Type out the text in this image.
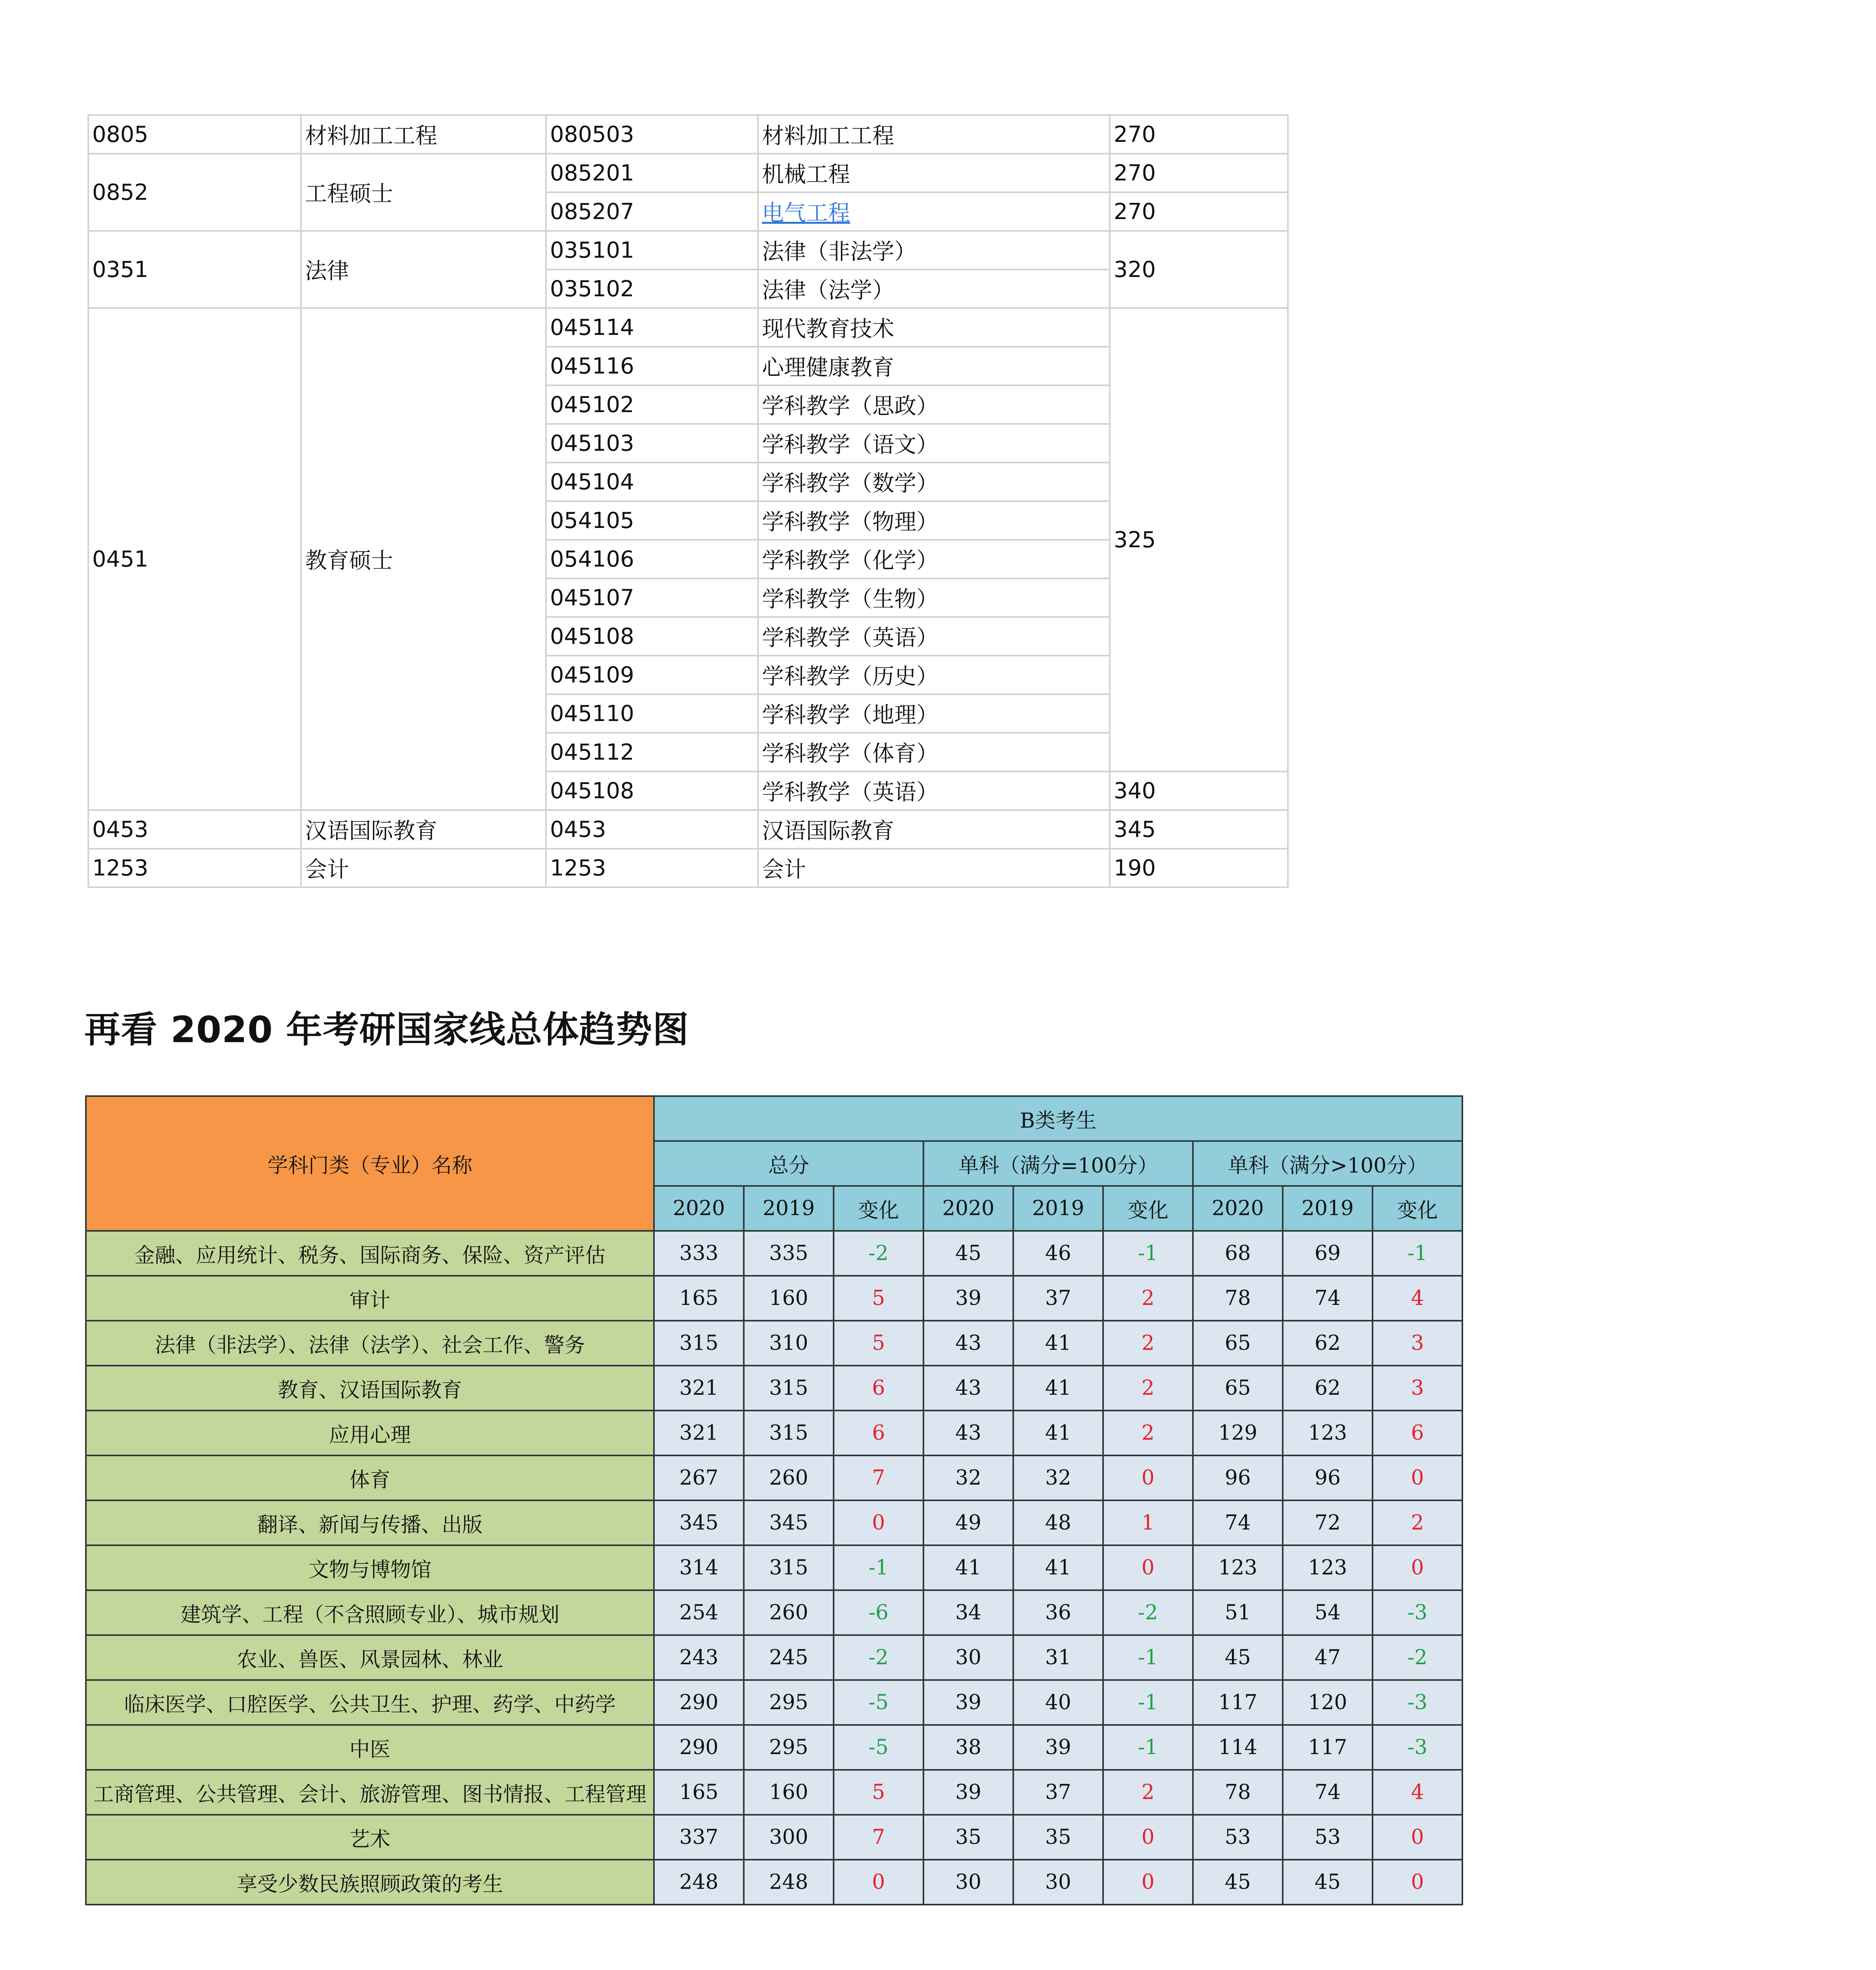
0805	材料加工工程	080503	材料加工工程	270
0852	工程硕士	085201	机械工程	270
		085207	电气工程	270
0351	法律	035101	法律（非法学）	320
		035102	法律（法学）	
0451	教育硕士	045114	现代教育技术	325
		045116	心理健康教育	
		045102	学科教学（思政）	
		045103	学科教学（语文）	
		045104	学科教学（数学）	
		054105	学科教学（物理）	
		054106	学科教学（化学）	
		045107	学科教学（生物）	
		045108	学科教学（英语）	
		045109	学科教学（历史）	
		045110	学科教学（地理）	
		045112	学科教学（体育）	
		045108	学科教学（英语）	340
0453	汉语国际教育	0453	汉语国际教育	345
1253	会计	1253	会计	190
再看 2020 年考研国家线总体趋势图
学科门类（专业）名称	B类考生								
	总分			单科（满分=100分）			单科（满分>100分）		
	2020	2019	变化	2020	2019	变化	2020	2019	变化
金融、应用统计、税务、国际商务、保险、资产评估	333	335	-2	45	46	-1	68	69	-1
审计	165	160	5	39	37	2	78	74	4
法律（非法学）、法律（法学）、社会工作、警务	315	310	5	43	41	2	65	62	3
教育、汉语国际教育	321	315	6	43	41	2	65	62	3
应用心理	321	315	6	43	41	2	129	123	6
体育	267	260	7	32	32	0	96	96	0
翻译、新闻与传播、出版	345	345	0	49	48	1	74	72	2
文物与博物馆	314	315	-1	41	41	0	123	123	0
建筑学、工程（不含照顾专业）、城市规划	254	260	-6	34	36	-2	51	54	-3
农业、兽医、风景园林、林业	243	245	-2	30	31	-1	45	47	-2
临床医学、口腔医学、公共卫生、护理、药学、中药学	290	295	-5	39	40	-1	117	120	-3
中医	290	295	-5	38	39	-1	114	117	-3
工商管理、公共管理、会计、旅游管理、图书情报、工程管理	165	160	5	39	37	2	78	74	4
艺术	337	300	7	35	35	0	53	53	0
享受少数民族照顾政策的考生	248	248	0	30	30	0	45	45	0
